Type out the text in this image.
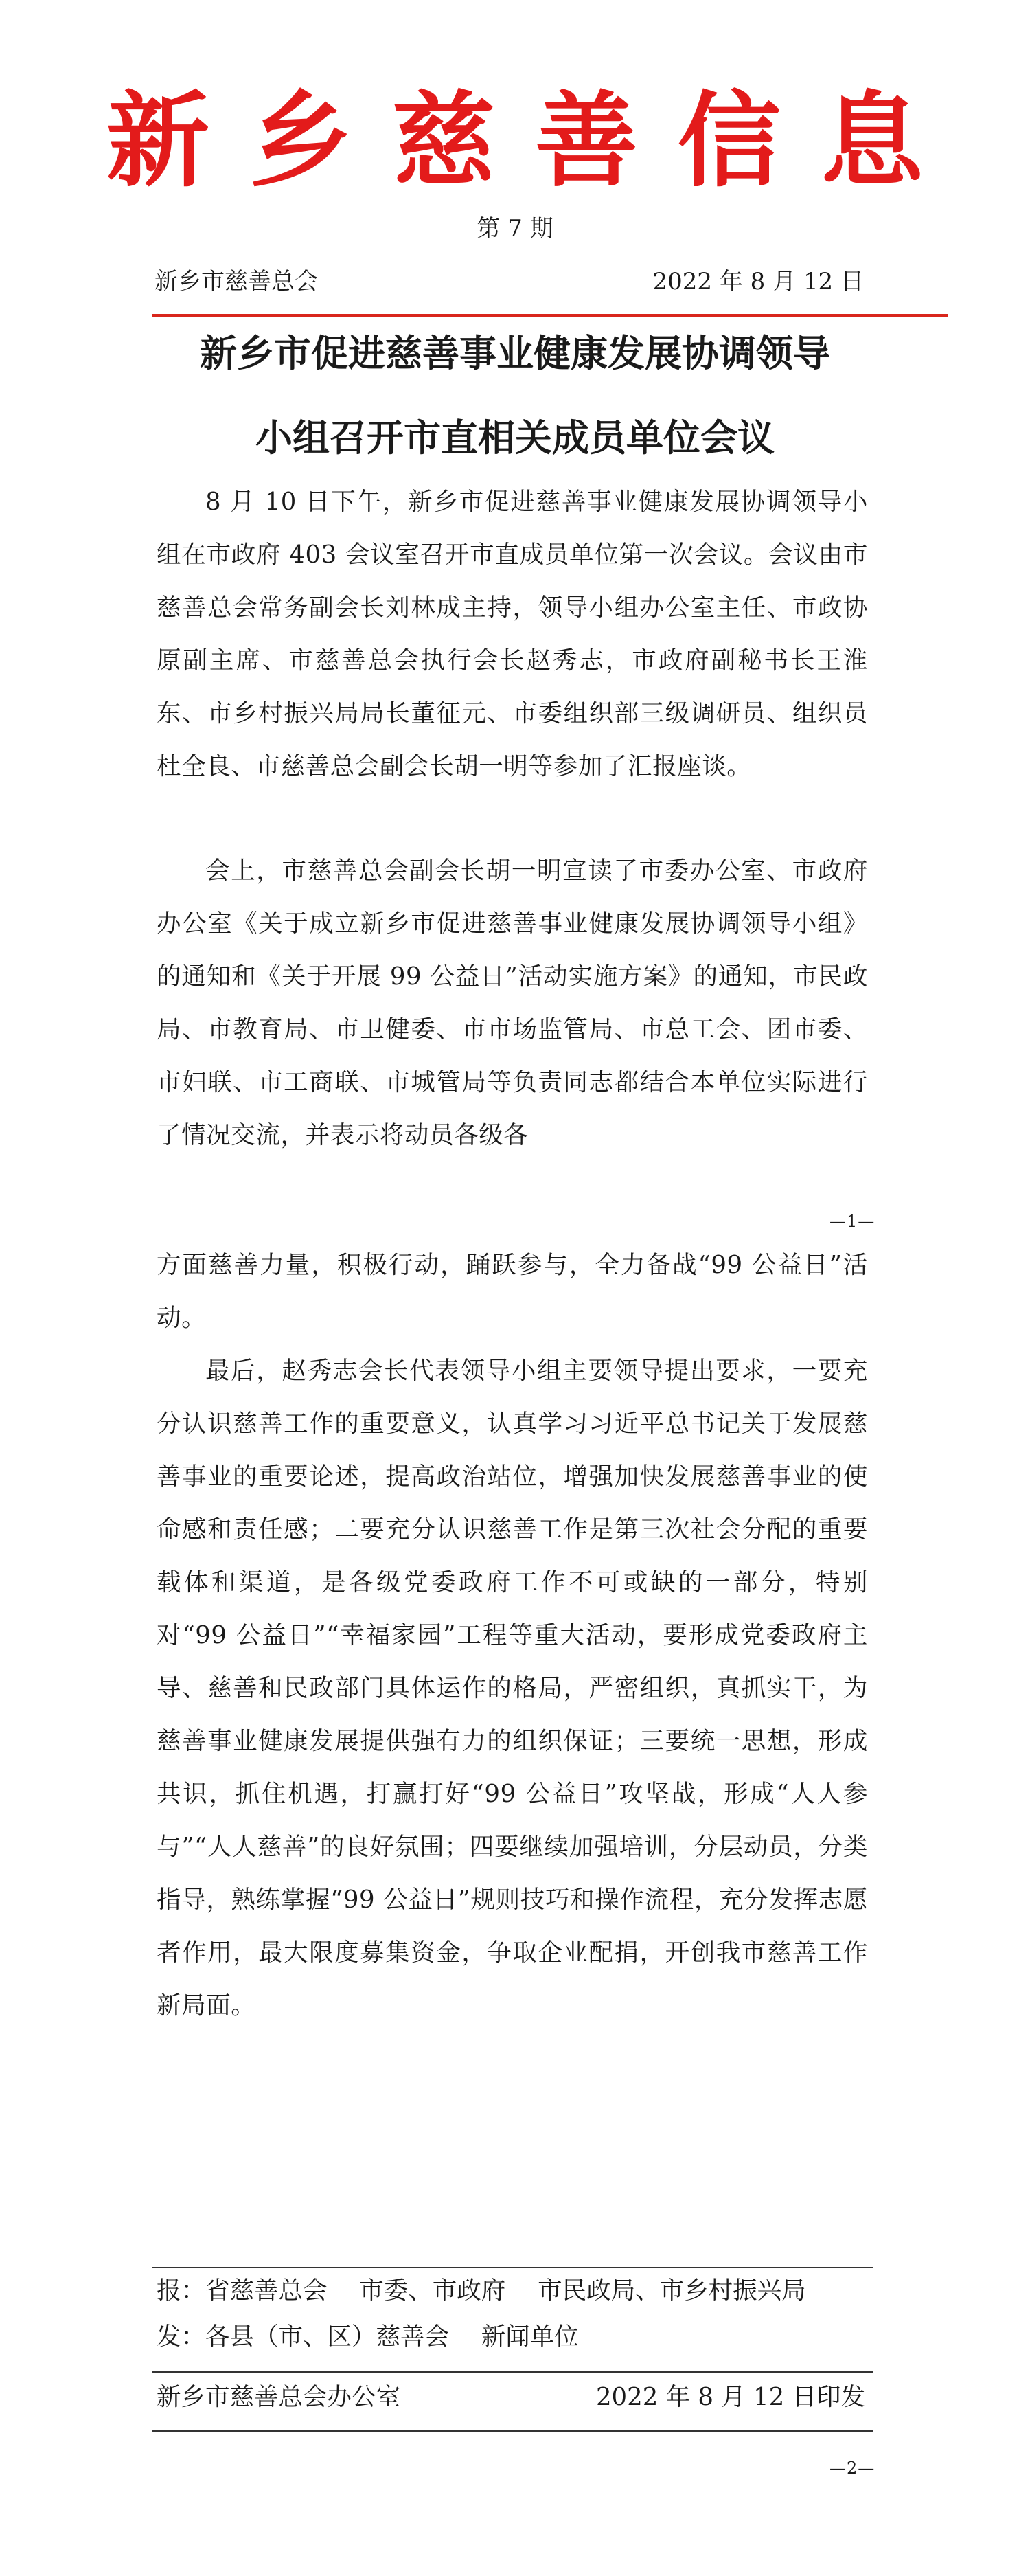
新乡慈善信息
第 7 期
新乡市慈善总会	2022 年 8 月 12 日
新乡市促进慈善事业健康发展协调领导
小组召开市直相关成员单位会议

8 月 10 日下午，新乡市促进慈善事业健康发展协调领导小组在市政府 403 会议室召开市直成员单位第一次会议。会议由市慈善总会常务副会长刘林成主持，领导小组办公室主任、市政协原副主席、市慈善总会执行会长赵秀志，市政府副秘书长王淮东、市乡村振兴局局长董征元、市委组织部三级调研员、组织员杜全良、市慈善总会副会长胡一明等参加了汇报座谈。

会上，市慈善总会副会长胡一明宣读了市委办公室、市政府办公室《关于成立新乡市促进慈善事业健康发展协调领导小组》的通知和《关于开展 99 公益日”活动实施方案》的通知，市民政局、市教育局、市卫健委、市市场监管局、市总工会、团市委、市妇联、市工商联、市城管局等负责同志都结合本单位实际进行了情况交流，并表示将动员各级各

—1—

方面慈善力量，积极行动，踊跃参与，全力备战“99 公益日”活动。

最后，赵秀志会长代表领导小组主要领导提出要求，一要充分认识慈善工作的重要意义，认真学习习近平总书记关于发展慈善事业的重要论述，提高政治站位，增强加快发展慈善事业的使命感和责任感；二要充分认识慈善工作是第三次社会分配的重要载体和渠道，是各级党委政府工作不可或缺的一部分，特别对“99 公益日”“幸福家园”工程等重大活动，要形成党委政府主导、慈善和民政部门具体运作的格局，严密组织，真抓实干，为慈善事业健康发展提供强有力的组织保证；三要统一思想，形成共识，抓住机遇，打赢打好“99 公益日”攻坚战，形成“人人参与”“人人慈善”的良好氛围；四要继续加强培训，分层动员，分类指导，熟练掌握“99 公益日”规则技巧和操作流程，充分发挥志愿者作用，最大限度募集资金，争取企业配捐，开创我市慈善工作新局面。

报：省慈善总会　 市委、市政府　 市民政局、市乡村振兴局
发：各县（市、区）慈善会　 新闻单位
新乡市慈善总会办公室	2022 年 8 月 12 日印发
—2—
